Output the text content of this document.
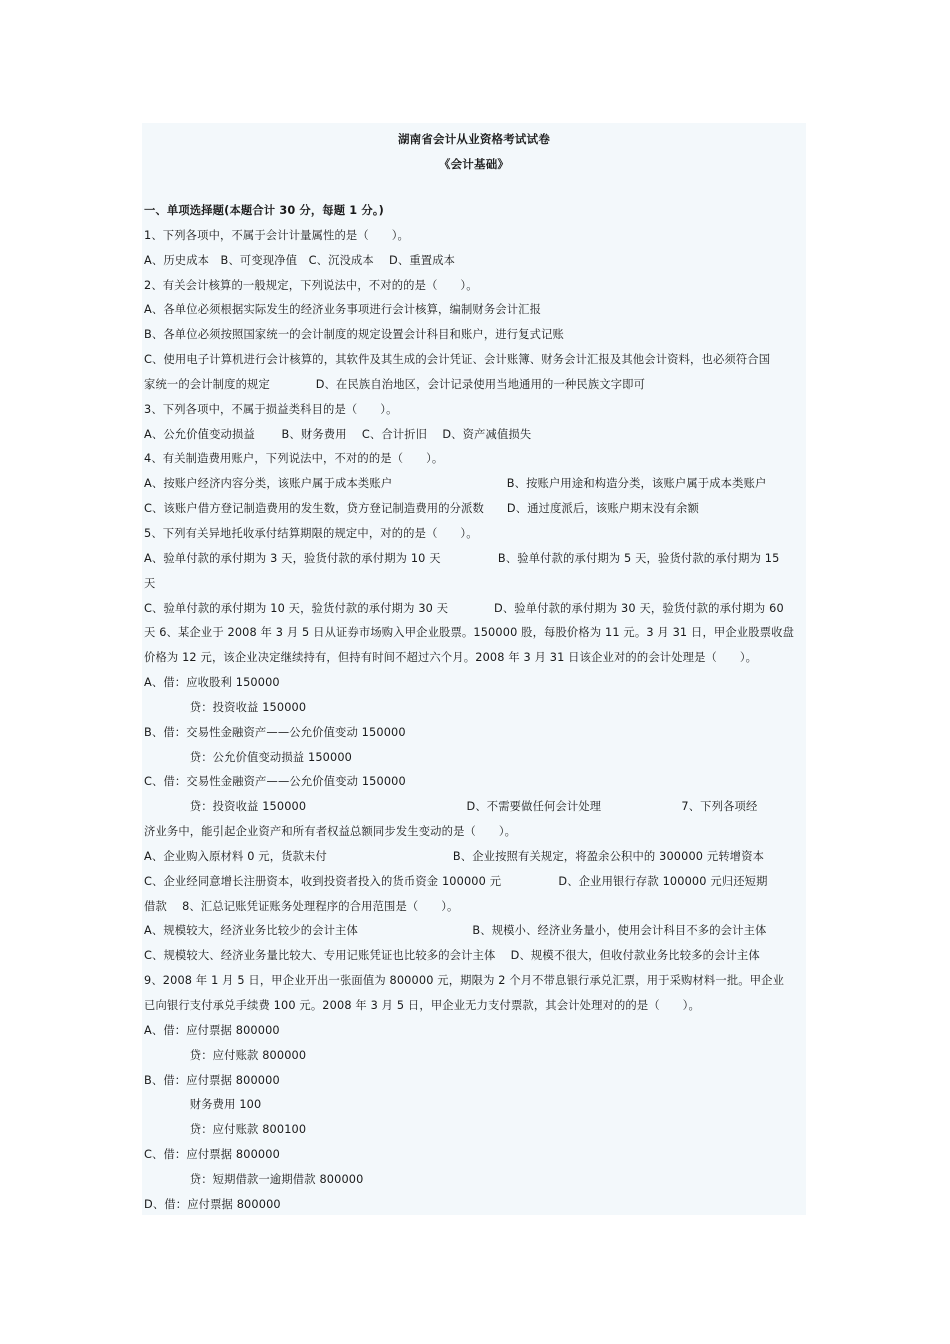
湖南省会计从业资格考试试卷
《会计基础》
一、单项选择题(本题合计 30 分，每题 1 分。)
1、下列各项中，不属于会计计量属性的是（　　）。
A、历史成本　B、可变现净值　C、沉没成本　 D、重置成本
2、有关会计核算的一般规定，下列说法中，不对的的是（　　）。
A、各单位必须根据实际发生的经济业务事项进行会计核算，编制财务会计汇报
B、各单位必须按照国家统一的会计制度的规定设置会计科目和账户，进行复式记账
C、使用电子计算机进行会计核算的，其软件及其生成的会计凭证、会计账簿、财务会计汇报及其他会计资料，也必须符合国
家统一的会计制度的规定　　　　D、在民族自治地区，会计记录使用当地通用的一种民族文字即可
3、下列各项中，不属于损益类科目的是（　　）。
A、公允价值变动损益　　 B、财务费用　 C、合计折旧　 D、资产减值损失
4、有关制造费用账户，下列说法中，不对的的是（　　）。
A、按账户经济内容分类，该账户属于成本类账户　　　　　　　　　　B、按账户用途和构造分类，该账户属于成本类账户
C、该账户借方登记制造费用的发生数，贷方登记制造费用的分派数　　D、通过度派后，该账户期末没有余额
5、下列有关异地托收承付结算期限的规定中，对的的是（　　）。
A、验单付款的承付期为 3 天，验货付款的承付期为 10 天　　　　　B、验单付款的承付期为 5 天，验货付款的承付期为 15
天
C、验单付款的承付期为 10 天，验货付款的承付期为 30 天　　　　D、验单付款的承付期为 30 天，验货付款的承付期为 60
天 6、某企业于 2008 年 3 月 5 日从证券市场购入甲企业股票。150000 股，每股价格为 11 元。3 月 31 日，甲企业股票收盘
价格为 12 元，该企业决定继续持有，但持有时间不超过六个月。2008 年 3 月 31 日该企业对的的会计处理是（　　）。
A、借：应收股利 150000
　　　　贷：投资收益 150000
B、借：交易性金融资产——公允价值变动 150000
　　　　贷：公允价值变动损益 150000
C、借：交易性金融资产——公允价值变动 150000
　　　　贷：投资收益 150000　　　　　　　　　　　　　　D、不需要做任何会计处理　　　　　　　7、下列各项经
济业务中，能引起企业资产和所有者权益总额同步发生变动的是（　　）。
A、企业购入原材料 0 元，货款未付　　　　　　　　　　　B、企业按照有关规定，将盈余公积中的 300000 元转增资本
C、企业经同意增长注册资本，收到投资者投入的货币资金 100000 元　　　　　D、企业用银行存款 100000 元归还短期
借款　 8、汇总记账凭证账务处理程序的合用范围是（　　）。
A、规模较大，经济业务比较少的会计主体　　　　　　　　　　B、规模小、经济业务量小，使用会计科目不多的会计主体
C、规模较大、经济业务量比较大、专用记账凭证也比较多的会计主体　 D、规模不很大，但收付款业务比较多的会计主体
9、2008 年 1 月 5 日，甲企业开出一张面值为 800000 元，期限为 2 个月不带息银行承兑汇票，用于采购材料一批。甲企业
已向银行支付承兑手续费 100 元。2008 年 3 月 5 日，甲企业无力支付票款，其会计处理对的的是（　　）。
A、借：应付票据 800000
　　　　贷：应付账款 800000
B、借：应付票据 800000
　　　　财务费用 100
　　　　贷：应付账款 800100
C、借：应付票据 800000
　　　　贷：短期借款一逾期借款 800000
D、借：应付票据 800000
